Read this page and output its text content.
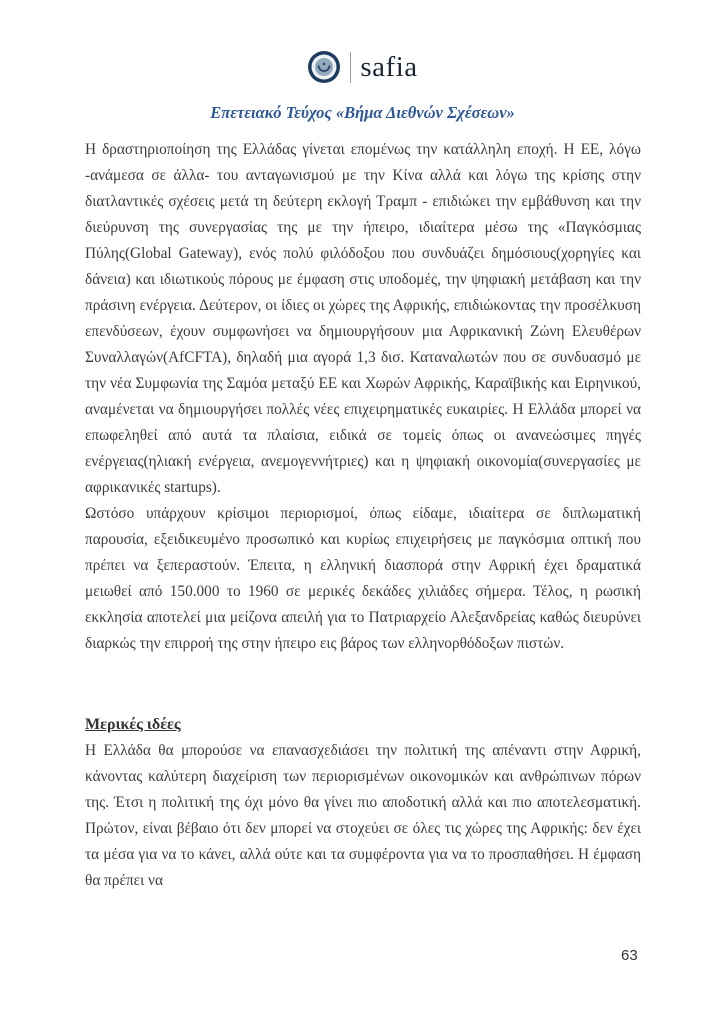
safia
Επετειακό Τεύχος «Βήμα Διεθνών Σχέσεων»

Η δραστηριοποίηση της Ελλάδας γίνεται επομένως την κατάλληλη εποχή. Η ΕΕ, λόγω -ανάμεσα σε άλλα- του ανταγωνισμού με την Κίνα αλλά και λόγω της κρίσης στην διατλαντικές σχέσεις μετά τη δεύτερη εκλογή Τραμπ - επιδιώκει την εμβάθυνση και την διεύρυνση της συνεργασίας της με την ήπειρο, ιδιαίτερα μέσω της «Παγκόσμιας Πύλης(Global Gateway), ενός πολύ φιλόδοξου που συνδυάζει δημόσιους(χορηγίες και δάνεια) και ιδιωτικούς πόρους με έμφαση στις υποδομές, την ψηφιακή μετάβαση και την πράσινη ενέργεια. Δεύτερον, οι ίδιες οι χώρες της Αφρικής, επιδιώκοντας την προσέλκυση επενδύσεων, έχουν συμφωνήσει να δημιουργήσουν μια Αφρικανική Ζώνη Ελευθέρων Συναλλαγών(AfCFTA), δηλαδή μια αγορά 1,3 δισ. Καταναλωτών που σε συνδυασμό με την νέα Συμφωνία της Σαμόα μεταξύ ΕΕ και Χωρών Αφρικής, Καραϊβικής και Ειρηνικού, αναμένεται να δημιουργήσει πολλές νέες επιχειρηματικές ευκαιρίες. Η Ελλάδα μπορεί να επωφεληθεί από αυτά τα πλαίσια, ειδικά σε τομείς όπως οι ανανεώσιμες πηγές ενέργειας(ηλιακή ενέργεια, ανεμογεννήτριες) και η ψηφιακή οικονομία(συνεργασίες με αφρικανικές startups).

Ωστόσο υπάρχουν κρίσιμοι περιορισμοί, όπως είδαμε, ιδιαίτερα σε διπλωματική παρουσία, εξειδικευμένο προσωπικό και κυρίως επιχειρήσεις με παγκόσμια οπτική που πρέπει να ξεπεραστούν. Έπειτα, η ελληνική διασπορά στην Αφρική έχει δραματικά μειωθεί από 150.000 το 1960 σε μερικές δεκάδες χιλιάδες σήμερα. Τέλος, η ρωσική εκκλησία αποτελεί μια μείζονα απειλή για το Πατριαρχείο Αλεξανδρείας καθώς διευρύνει διαρκώς την επιρροή της στην ήπειρο εις βάρος των ελληνορθόδοξων πιστών.

Μερικές ιδέες

Η Ελλάδα θα μπορούσε να επανασχεδιάσει την πολιτική της απέναντι στην Αφρική, κάνοντας καλύτερη διαχείριση των περιορισμένων οικονομικών και ανθρώπινων πόρων της. Έτσι η πολιτική της όχι μόνο θα γίνει πιο αποδοτική αλλά και πιο αποτελεσματική. Πρώτον, είναι βέβαιο ότι δεν μπορεί να στοχεύει σε όλες τις χώρες της Αφρικής: δεν έχει τα μέσα για να το κάνει, αλλά ούτε και τα συμφέροντα για να το προσπαθήσει. Η έμφαση θα πρέπει να

63
